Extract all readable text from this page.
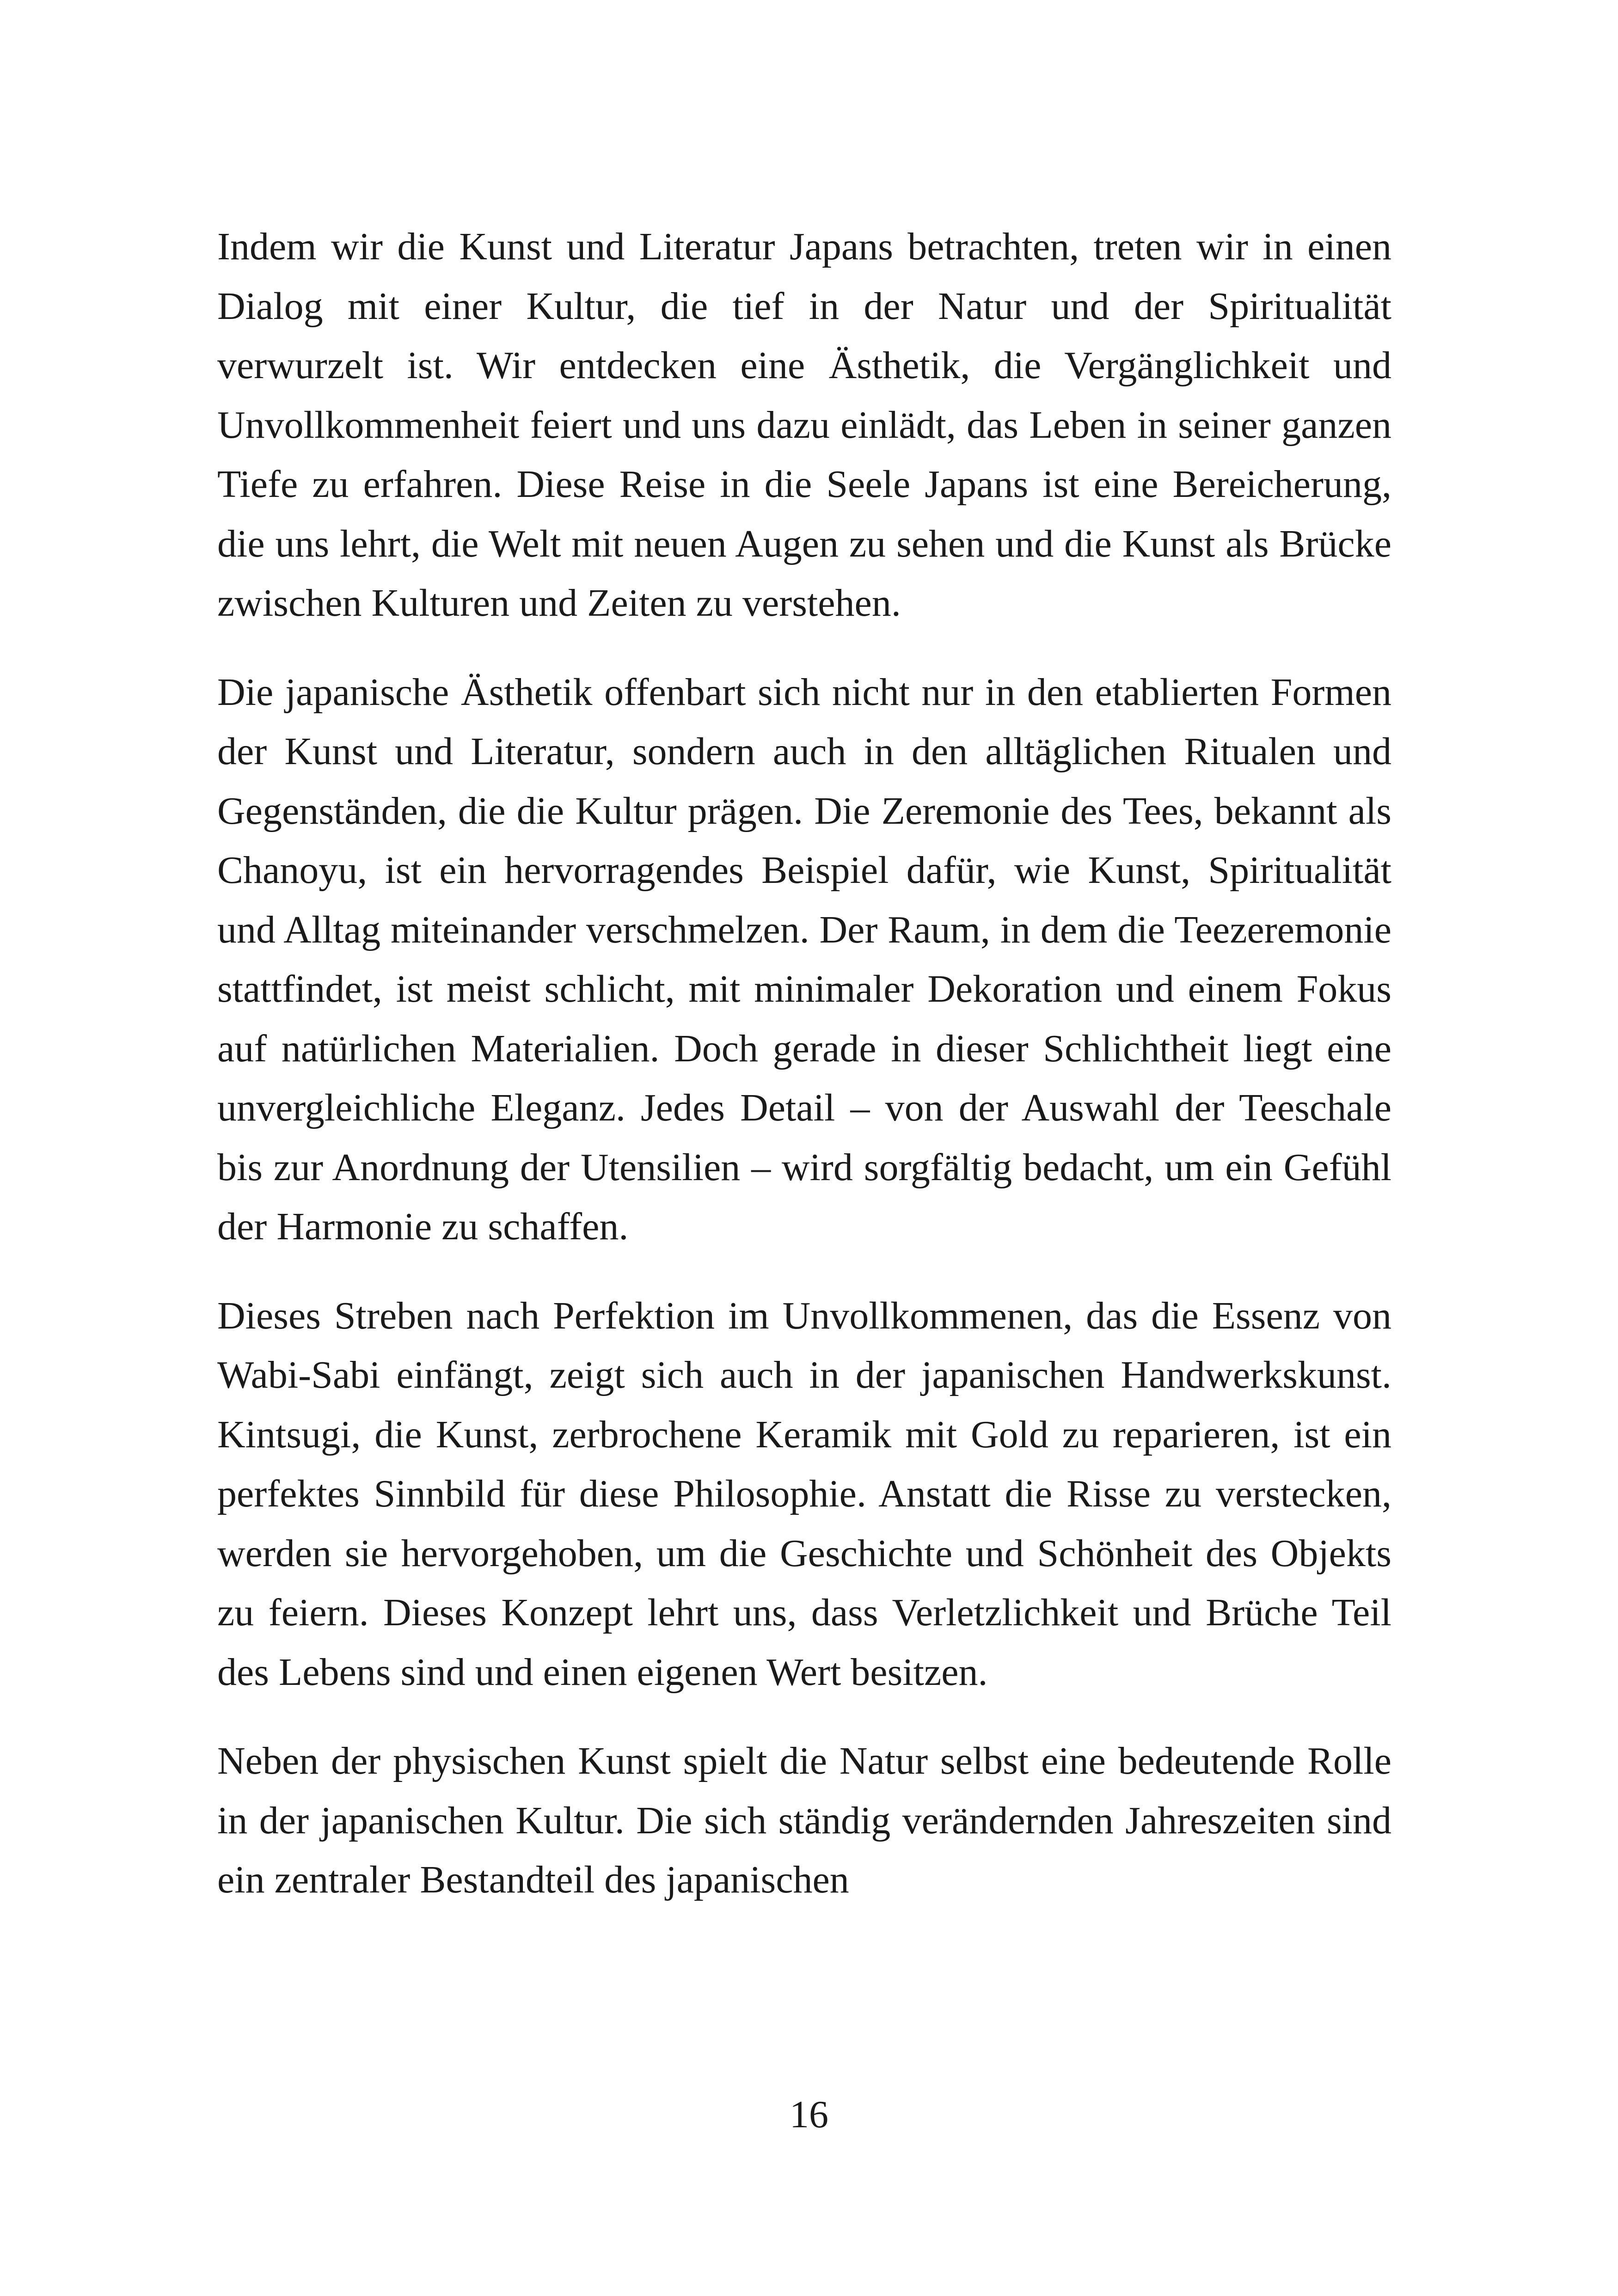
Indem wir die Kunst und Literatur Japans betrachten, treten wir in einen Dialog mit einer Kultur, die tief in der Natur und der Spiritualität verwurzelt ist. Wir entdecken eine Ästhetik, die Vergänglichkeit und Unvollkommenheit feiert und uns dazu einlädt, das Leben in seiner ganzen Tiefe zu erfahren. Diese Reise in die Seele Japans ist eine Bereicherung, die uns lehrt, die Welt mit neuen Augen zu sehen und die Kunst als Brücke zwischen Kulturen und Zeiten zu verstehen.

Die japanische Ästhetik offenbart sich nicht nur in den etablierten Formen der Kunst und Literatur, sondern auch in den alltäglichen Ritualen und Gegenständen, die die Kultur prägen. Die Zeremonie des Tees, bekannt als Chanoyu, ist ein hervorragendes Beispiel dafür, wie Kunst, Spiritualität und Alltag miteinander verschmelzen. Der Raum, in dem die Teezeremonie stattfindet, ist meist schlicht, mit minimaler Dekoration und einem Fokus auf natürlichen Materialien. Doch gerade in dieser Schlichtheit liegt eine unvergleichliche Eleganz. Jedes Detail – von der Auswahl der Teeschale bis zur Anordnung der Utensilien – wird sorgfältig bedacht, um ein Gefühl der Harmonie zu schaffen.

Dieses Streben nach Perfektion im Unvollkommenen, das die Essenz von Wabi-Sabi einfängt, zeigt sich auch in der japanischen Handwerkskunst. Kintsugi, die Kunst, zerbrochene Keramik mit Gold zu reparieren, ist ein perfektes Sinnbild für diese Philosophie. Anstatt die Risse zu verstecken, werden sie hervorgehoben, um die Geschichte und Schönheit des Objekts zu feiern. Dieses Konzept lehrt uns, dass Verletzlichkeit und Brüche Teil des Lebens sind und einen eigenen Wert besitzen.

Neben der physischen Kunst spielt die Natur selbst eine bedeutende Rolle in der japanischen Kultur. Die sich ständig verändernden Jahreszeiten sind ein zentraler Bestandteil des japanischen

16
